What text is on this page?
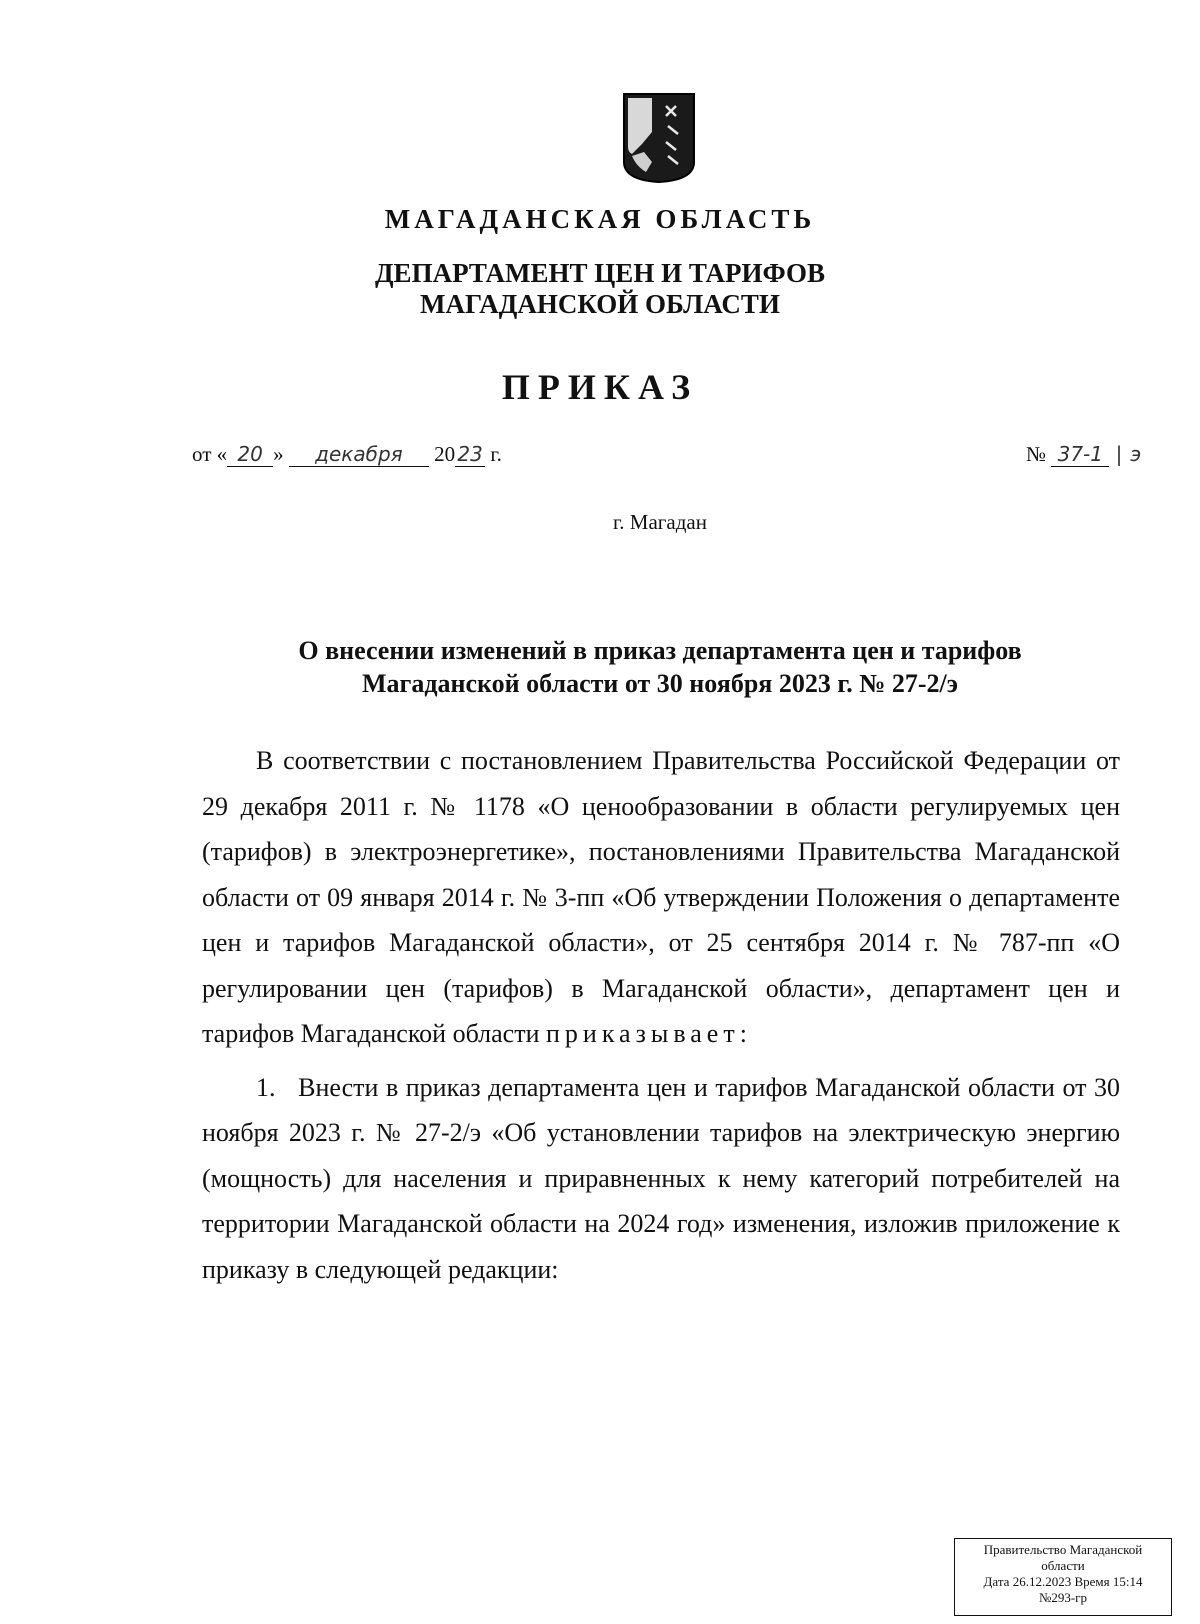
МАГАДАНСКАЯ ОБЛАСТЬ
ДЕПАРТАМЕНТ ЦЕН И ТАРИФОВ
МАГАДАНСКОЙ ОБЛАСТИ
ПРИКАЗ
от « 20 » декабря 20 23 г.	№ 37-1 | э
г. Магадан
О внесении изменений в приказ департамента цен и тарифов
Магаданской области от 30 ноября 2023 г. № 27-2/э

В соответствии с постановлением Правительства Российской Федерации от 29 декабря 2011 г. № 1178 «О ценообразовании в области регулируемых цен (тарифов) в электроэнергетике», постановлениями Правительства Магаданской области от 09 января 2014 г. № 3-пп «Об утверждении Положения о департаменте цен и тарифов Магаданской области», от 25 сентября 2014 г. № 787-пп «О регулировании цен (тарифов) в Магаданской области», департамент цен и тарифов Магаданской области приказывает:

1. Внести в приказ департамента цен и тарифов Магаданской области от 30 ноября 2023 г. № 27-2/э «Об установлении тарифов на электрическую энергию (мощность) для населения и приравненных к нему категорий потребителей на территории Магаданской области на 2024 год» изменения, изложив приложение к приказу в следующей редакции:

Правительство Магаданской
области
Дата 26.12.2023 Время 15:14
№293-гр
